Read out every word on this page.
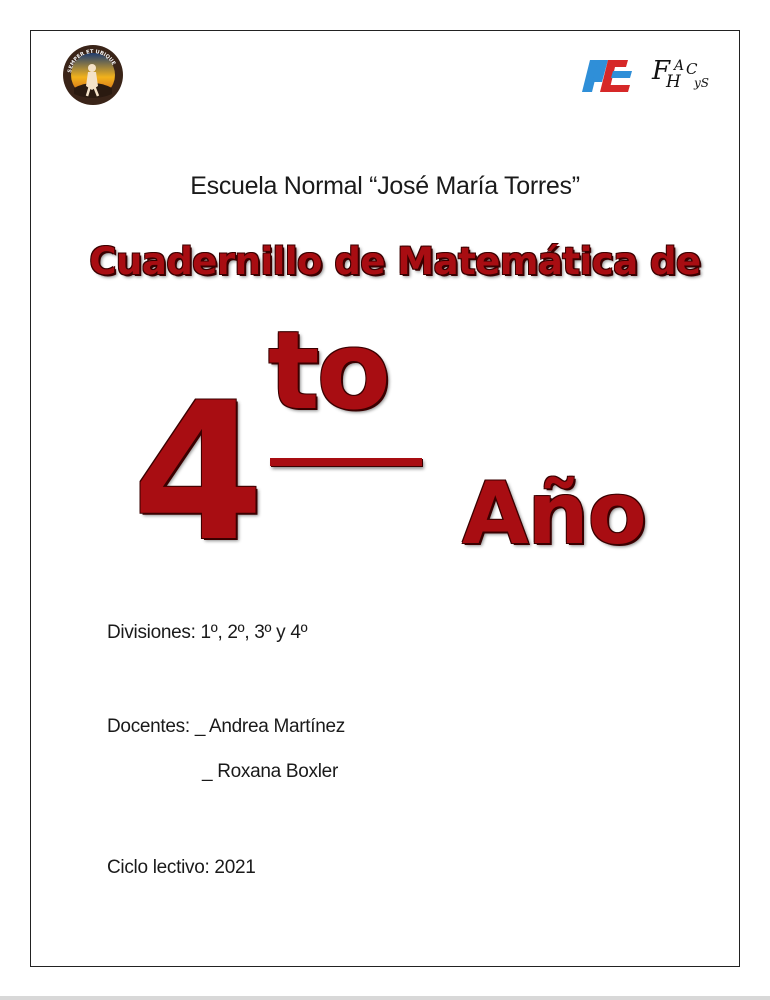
SEMPER ET UBIQUE	F
H
A C
yS
Escuela Normal “José María Torres”
Cuadernillo de Matemática de
4 to
Año
Divisiones: 1º, 2º, 3º y 4º
Docentes: _ Andrea Martínez
_ Roxana Boxler
Ciclo lectivo: 2021
